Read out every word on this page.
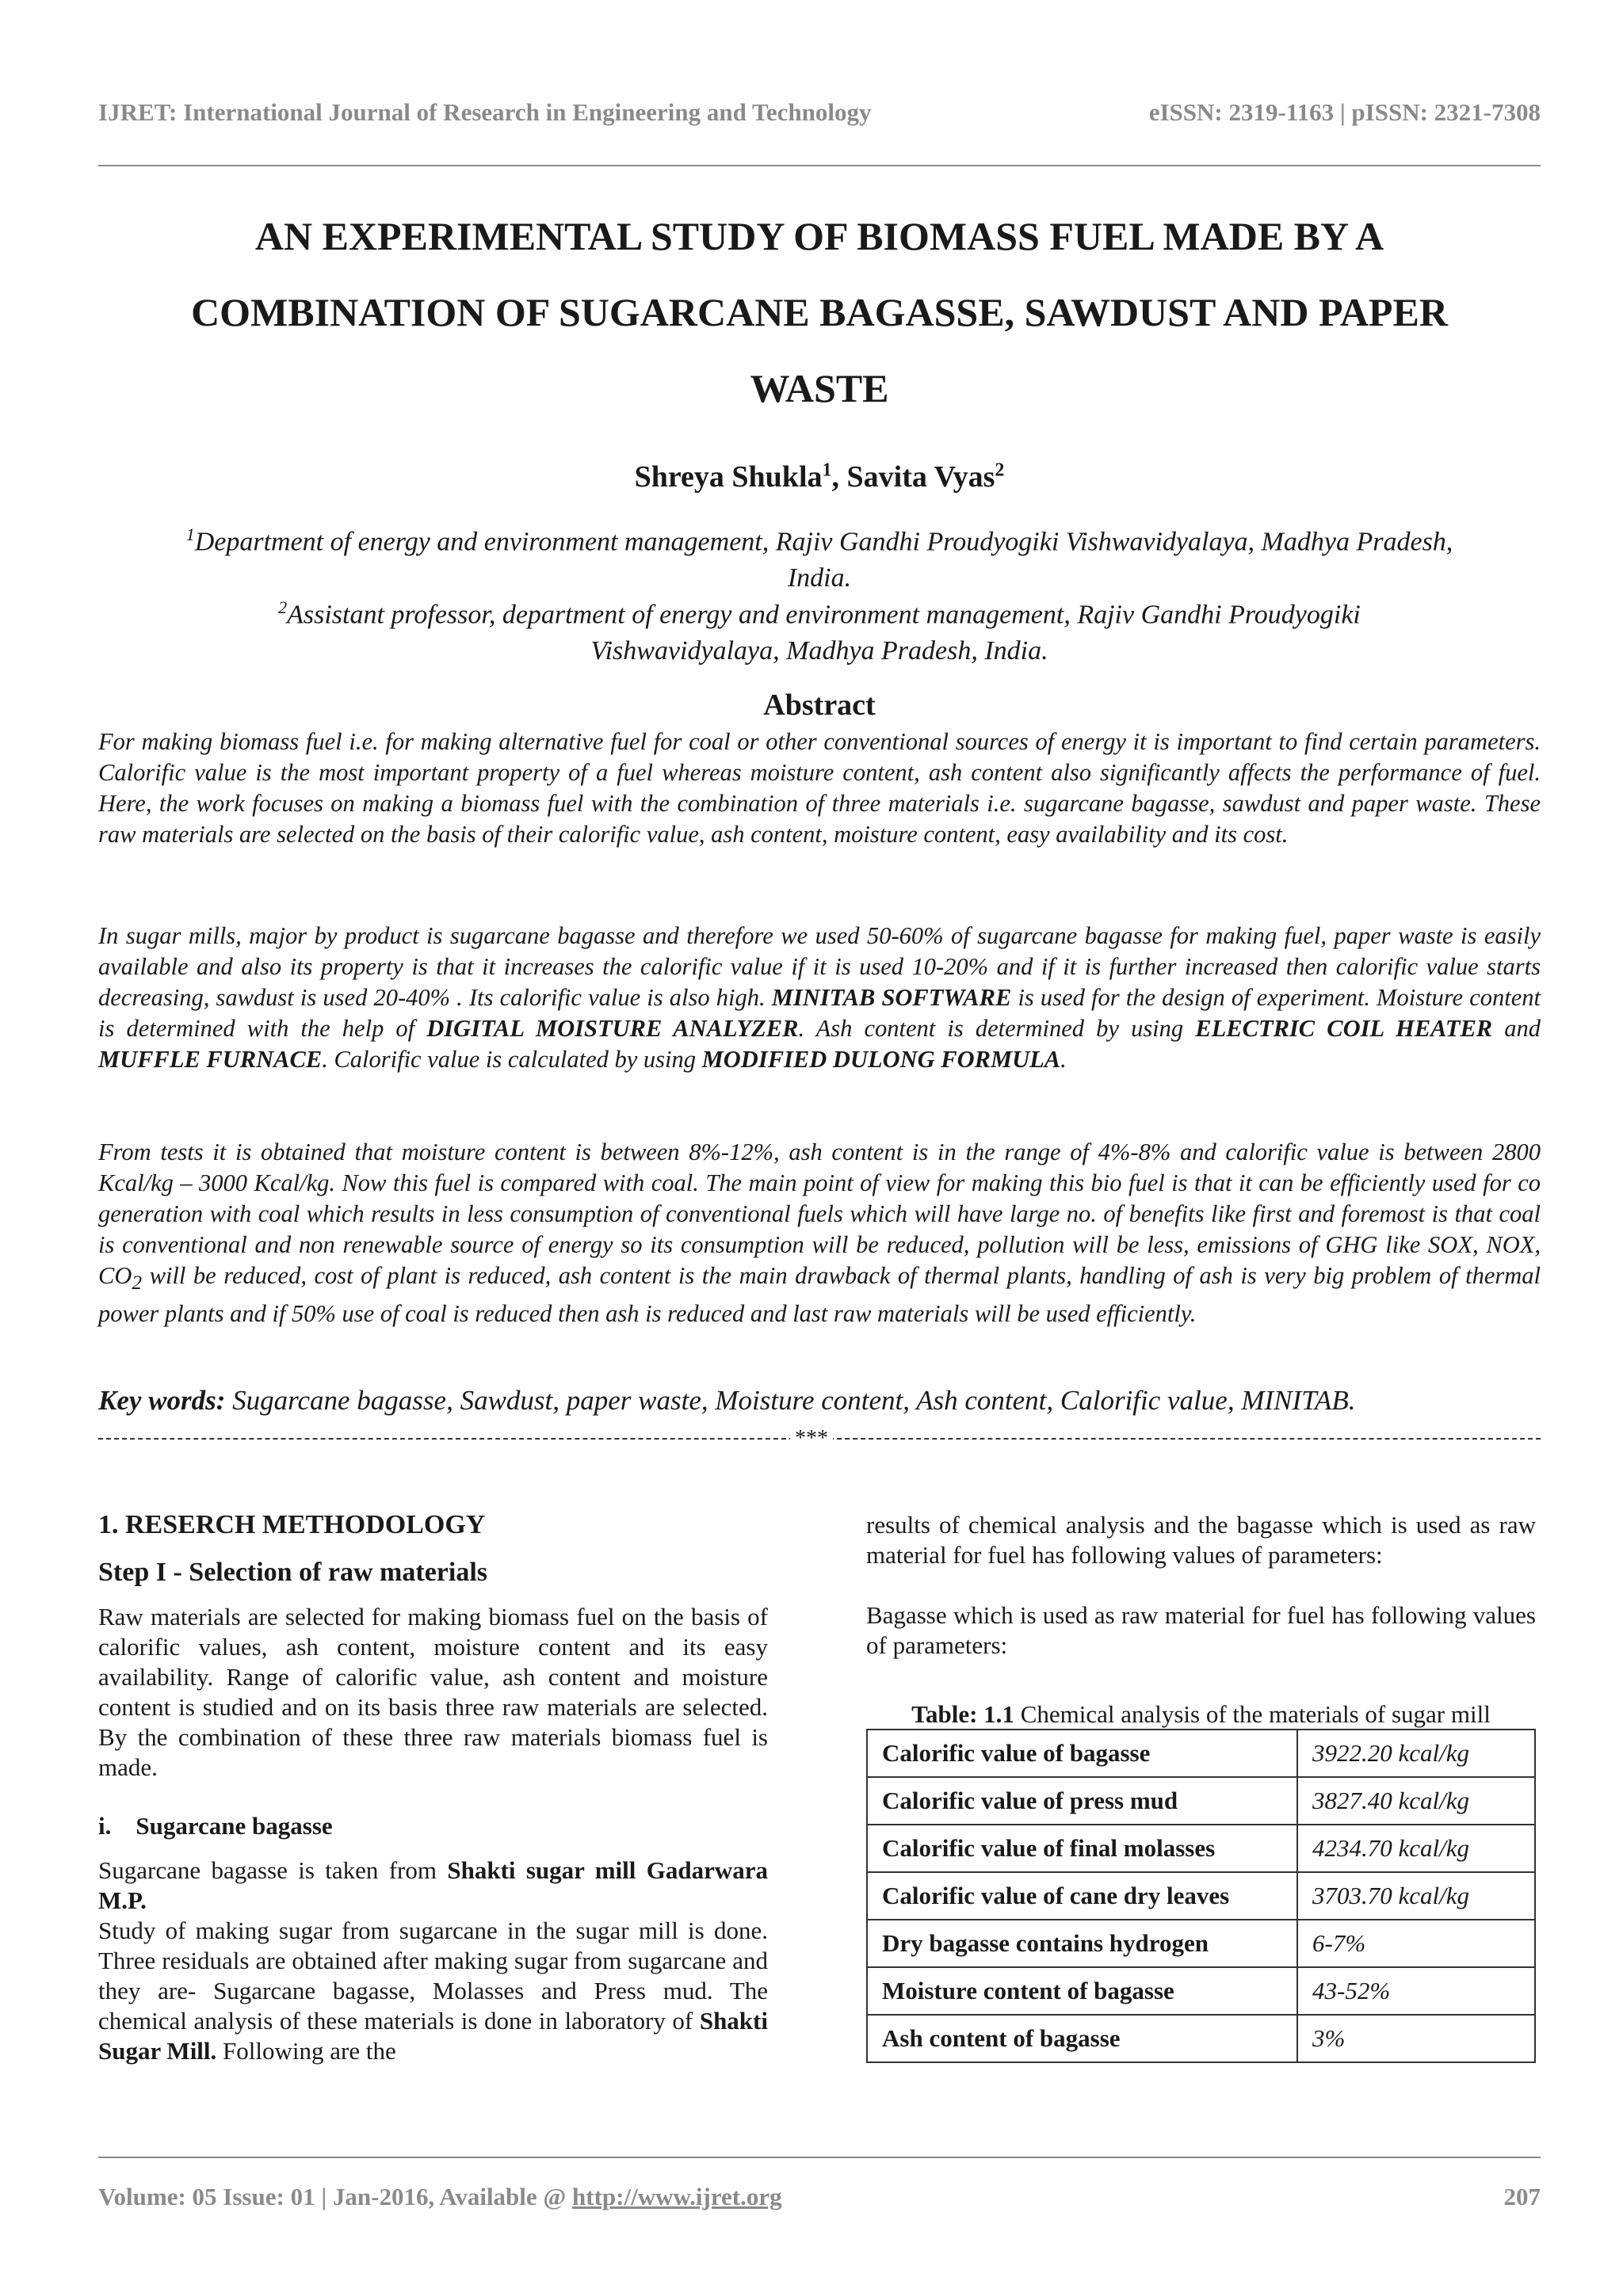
IJRET: International Journal of Research in Engineering and Technology	eISSN: 2319-1163 | pISSN: 2321-7308
AN EXPERIMENTAL STUDY OF BIOMASS FUEL MADE BY A
COMBINATION OF SUGARCANE BAGASSE, SAWDUST AND PAPER
WASTE
Shreya Shukla$^1$, Savita Vyas$^2$
$^1$Department of energy and environment management, Rajiv Gandhi Proudyogiki Vishwavidyalaya, Madhya Pradesh,
India.
$^2$Assistant professor, department of energy and environment management, Rajiv Gandhi Proudyogiki
Vishwavidyalaya, Madhya Pradesh, India.
Abstract

For making biomass fuel i.e. for making alternative fuel for coal or other conventional sources of energy it is important to find certain parameters. Calorific value is the most important property of a fuel whereas moisture content, ash content also significantly affects the performance of fuel. Here, the work focuses on making a biomass fuel with the combination of three materials i.e. sugarcane bagasse, sawdust and paper waste. These raw materials are selected on the basis of their calorific value, ash content, moisture content, easy availability and its cost.

In sugar mills, major by product is sugarcane bagasse and therefore we used 50-60% of sugarcane bagasse for making fuel, paper waste is easily available and also its property is that it increases the calorific value if it is used 10-20% and if it is further increased then calorific value starts decreasing, sawdust is used 20-40% . Its calorific value is also high. MINITAB SOFTWARE is used for the design of experiment. Moisture content is determined with the help of DIGITAL MOISTURE ANALYZER. Ash content is determined by using ELECTRIC COIL HEATER and MUFFLE FURNACE. Calorific value is calculated by using MODIFIED DULONG FORMULA.

From tests it is obtained that moisture content is between 8%-12%, ash content is in the range of 4%-8% and calorific value is between 2800 Kcal/kg – 3000 Kcal/kg. Now this fuel is compared with coal. The main point of view for making this bio fuel is that it can be efficiently used for co generation with coal which results in less consumption of conventional fuels which will have large no. of benefits like first and foremost is that coal is conventional and non renewable source of energy so its consumption will be reduced, pollution will be less, emissions of GHG like SOX, NOX, $CO_2$ will be reduced, cost of plant is reduced, ash content is the main drawback of thermal plants, handling of ash is very big problem of thermal power plants and if 50% use of coal is reduced then ash is reduced and last raw materials will be used efficiently.

Key words: Sugarcane bagasse, Sawdust, paper waste, Moisture content, Ash content, Calorific value, MINITAB.
***

1. RESERCH METHODOLOGY

Step I - Selection of raw materials

Raw materials are selected for making biomass fuel on the basis of calorific values, ash content, moisture content and its easy availability. Range of calorific value, ash content and moisture content is studied and on its basis three raw materials are selected. By the combination of these three raw materials biomass fuel is made.

i.    Sugarcane bagasse

Sugarcane bagasse is taken from Shakti sugar mill Gadarwara M.P.

Study of making sugar from sugarcane in the sugar mill is done. Three residuals are obtained after making sugar from sugarcane and they are- Sugarcane bagasse, Molasses and Press mud. The chemical analysis of these materials is done in laboratory of Shakti Sugar Mill. Following are the

results of chemical analysis and the bagasse which is used as raw material for fuel has following values of parameters:

Bagasse which is used as raw material for fuel has following values of parameters:

Table: 1.1 Chemical analysis of the materials of sugar mill
Calorific value of bagasse	3922.20 kcal/kg
Calorific value of press mud	3827.40 kcal/kg
Calorific value of final molasses	4234.70 kcal/kg
Calorific value of cane dry leaves	3703.70 kcal/kg
Dry bagasse contains hydrogen	6-7%
Moisture content of bagasse	43-52%
Ash content of bagasse	3%
Volume: 05 Issue: 01 | Jan-2016, Available @ http://www.ijret.org	207
